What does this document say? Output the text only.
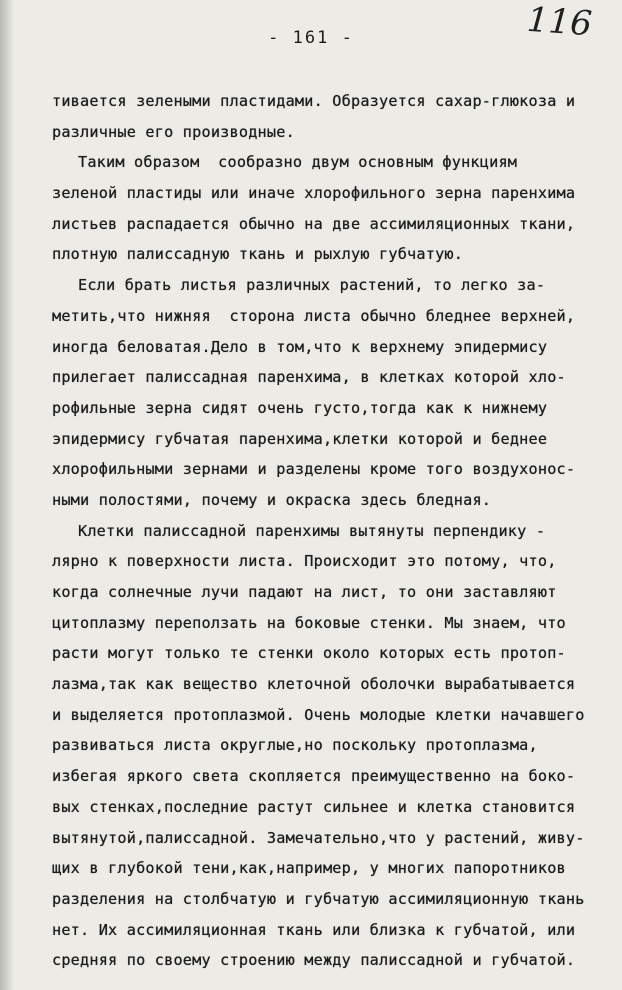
- 161 -	116
тивается зелеными пластидами. Образуется сахар-глюкоза и
различные его производные.
Таким образом  сообразно двум основным функциям
зеленой пластиды или иначе хлорофильного зерна паренхима
листьев распадается обычно на две ассимиляционных ткани,
плотную палисcадную ткань и рыхлую губчатую.
Если брать листья различных растений, то легко за-
метить,что нижняя  сторона листа обычно бледнее верхней,
иногда беловатая.Дело в том,что к верхнему эпидермису
прилегает палиссадная паренхима, в клетках которой хло-
рофильные зерна сидят очень густо,тогда как к нижнему
эпидермису губчатая паренхима,клетки которой и беднее
хлорофильными зернами и разделены кроме того воздухонос-
ными полостями, почему и окраска здесь бледная.
Клетки палиссадной паренхимы вытянуты перпендику -
лярно к поверхности листа. Происходит это потому, что,
когда солнечные лучи падают на лист, то они заставляют
цитоплазму переползать на боковые стенки. Мы знаем, что
расти могут только те стенки около которых есть протоп-
лазма,так как вещество клеточной оболочки вырабатывается
и выделяется протоплазмой. Очень молодые клетки начавшего
развиваться листа округлые,но поскольку протоплазма,
избегая яркого света скопляется преимущественно на боко-
вых стенках,последние растут сильнее и клетка становится
вытянутой,палиссадной. Замечательно,что у растений, живу-
щих в глубокой тени,как,например, у многих папоротников
разделения на столбчатую и губчатую ассимиляционную ткань
нет. Их ассимиляционная ткань или близка к губчатой, или
средняя по своему строению между палиссадной и губчатой.
